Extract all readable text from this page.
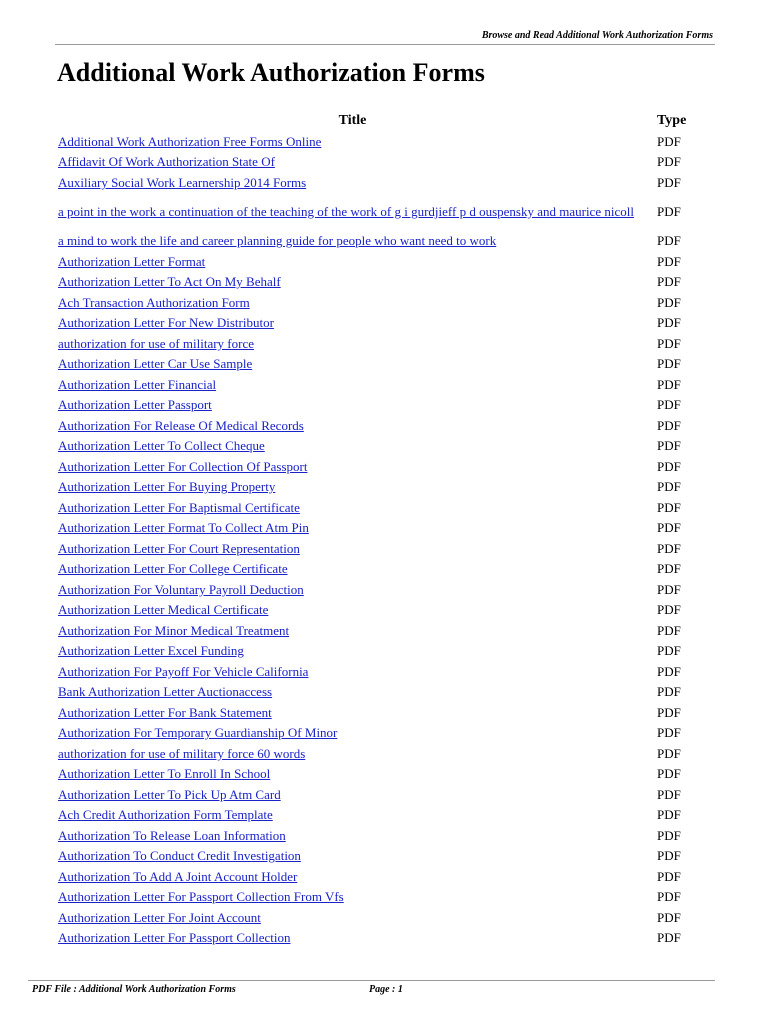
Browse and Read Additional Work Authorization Forms
Additional Work Authorization Forms
Title	Type
Additional Work Authorization Free Forms Online	PDF
Affidavit Of Work Authorization State Of	PDF
Auxiliary Social Work Learnership 2014 Forms	PDF
a point in the work a continuation of the teaching of the work of g i gurdjieff p d ouspensky and maurice nicoll	PDF
a mind to work the life and career planning guide for people who want need to work	PDF
Authorization Letter Format	PDF
Authorization Letter To Act On My Behalf	PDF
Ach Transaction Authorization Form	PDF
Authorization Letter For New Distributor	PDF
authorization for use of military force	PDF
Authorization Letter Car Use Sample	PDF
Authorization Letter Financial	PDF
Authorization Letter Passport	PDF
Authorization For Release Of Medical Records	PDF
Authorization Letter To Collect Cheque	PDF
Authorization Letter For Collection Of Passport	PDF
Authorization Letter For Buying Property	PDF
Authorization Letter For Baptismal Certificate	PDF
Authorization Letter Format To Collect Atm Pin	PDF
Authorization Letter For Court Representation	PDF
Authorization Letter For College Certificate	PDF
Authorization For Voluntary Payroll Deduction	PDF
Authorization Letter Medical Certificate	PDF
Authorization For Minor Medical Treatment	PDF
Authorization Letter Excel Funding	PDF
Authorization For Payoff For Vehicle California	PDF
Bank Authorization Letter Auctionaccess	PDF
Authorization Letter For Bank Statement	PDF
Authorization For Temporary Guardianship Of Minor	PDF
authorization for use of military force 60 words	PDF
Authorization Letter To Enroll In School	PDF
Authorization Letter To Pick Up Atm Card	PDF
Ach Credit Authorization Form Template	PDF
Authorization To Release Loan Information	PDF
Authorization To Conduct Credit Investigation	PDF
Authorization To Add A Joint Account Holder	PDF
Authorization Letter For Passport Collection From Vfs	PDF
Authorization Letter For Joint Account	PDF
Authorization Letter For Passport Collection	PDF
PDF File : Additional Work Authorization Forms	Page : 1
